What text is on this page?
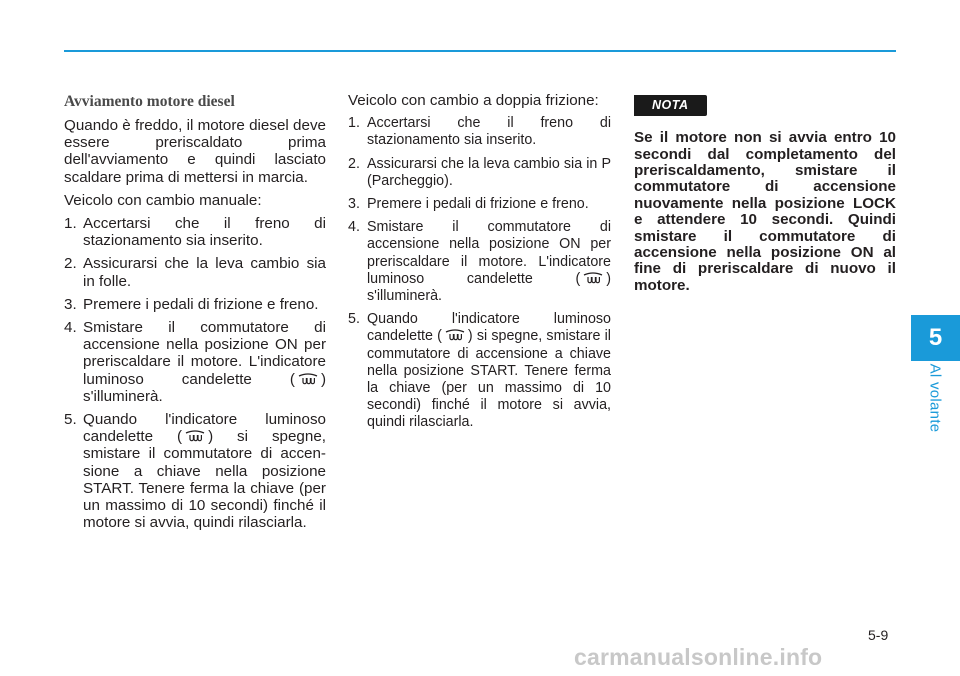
Avviamento motore diesel

Quando è freddo, il motore diesel deve essere preriscaldato prima dell'avviamento e quindi lasciato scaldare prima di mettersi in marcia.

Veicolo con cambio manuale:

1. Accertarsi che il freno di stazionamento sia inserito.
2. Assicurarsi che la leva cambio sia in folle.
3. Premere i pedali di frizione e freno.
4. Smistare il commutatore di accensione nella posizione ON per preriscaldare il motore. L'indicatore luminoso candelette ( ) s'illuminerà.
5. Quando l'indicatore luminoso candelette ( ) si spegne, smistare il commutatore di accen-sione a chiave nella posizione START. Tenere ferma la chiave (per un massimo di 10 secondi) finché il motore si avvia, quindi rilasciarla.

Veicolo con cambio a doppia frizione:

1. Accertarsi che il freno di stazionamento sia inserito.
2. Assicurarsi che la leva cambio sia in P (Parcheggio).
3. Premere i pedali di frizione e freno.
4. Smistare il commutatore di accensione nella posizione ON per preriscaldare il motore. L'indicatore luminoso candelette ( ) s'illuminerà.
5. Quando l'indicatore luminoso candelette ( ) si spegne, smistare il commutatore di accensione a chiave nella posizione START. Tenere ferma la chiave (per un massimo di 10 secondi) finché il motore si avvia, quindi rilasciarla.
NOTA
Se il motore non si avvia entro 10 secondi dal completamento del preriscaldamento, smistare il commutatore di accensione nuovamente nella posizione LOCK e attendere 10 secondi. Quindi smistare il commutatore di accensione nella posizione ON al fine di preriscaldare di nuovo il motore.
5
Al volante
5-9
carmanualsonline.info
